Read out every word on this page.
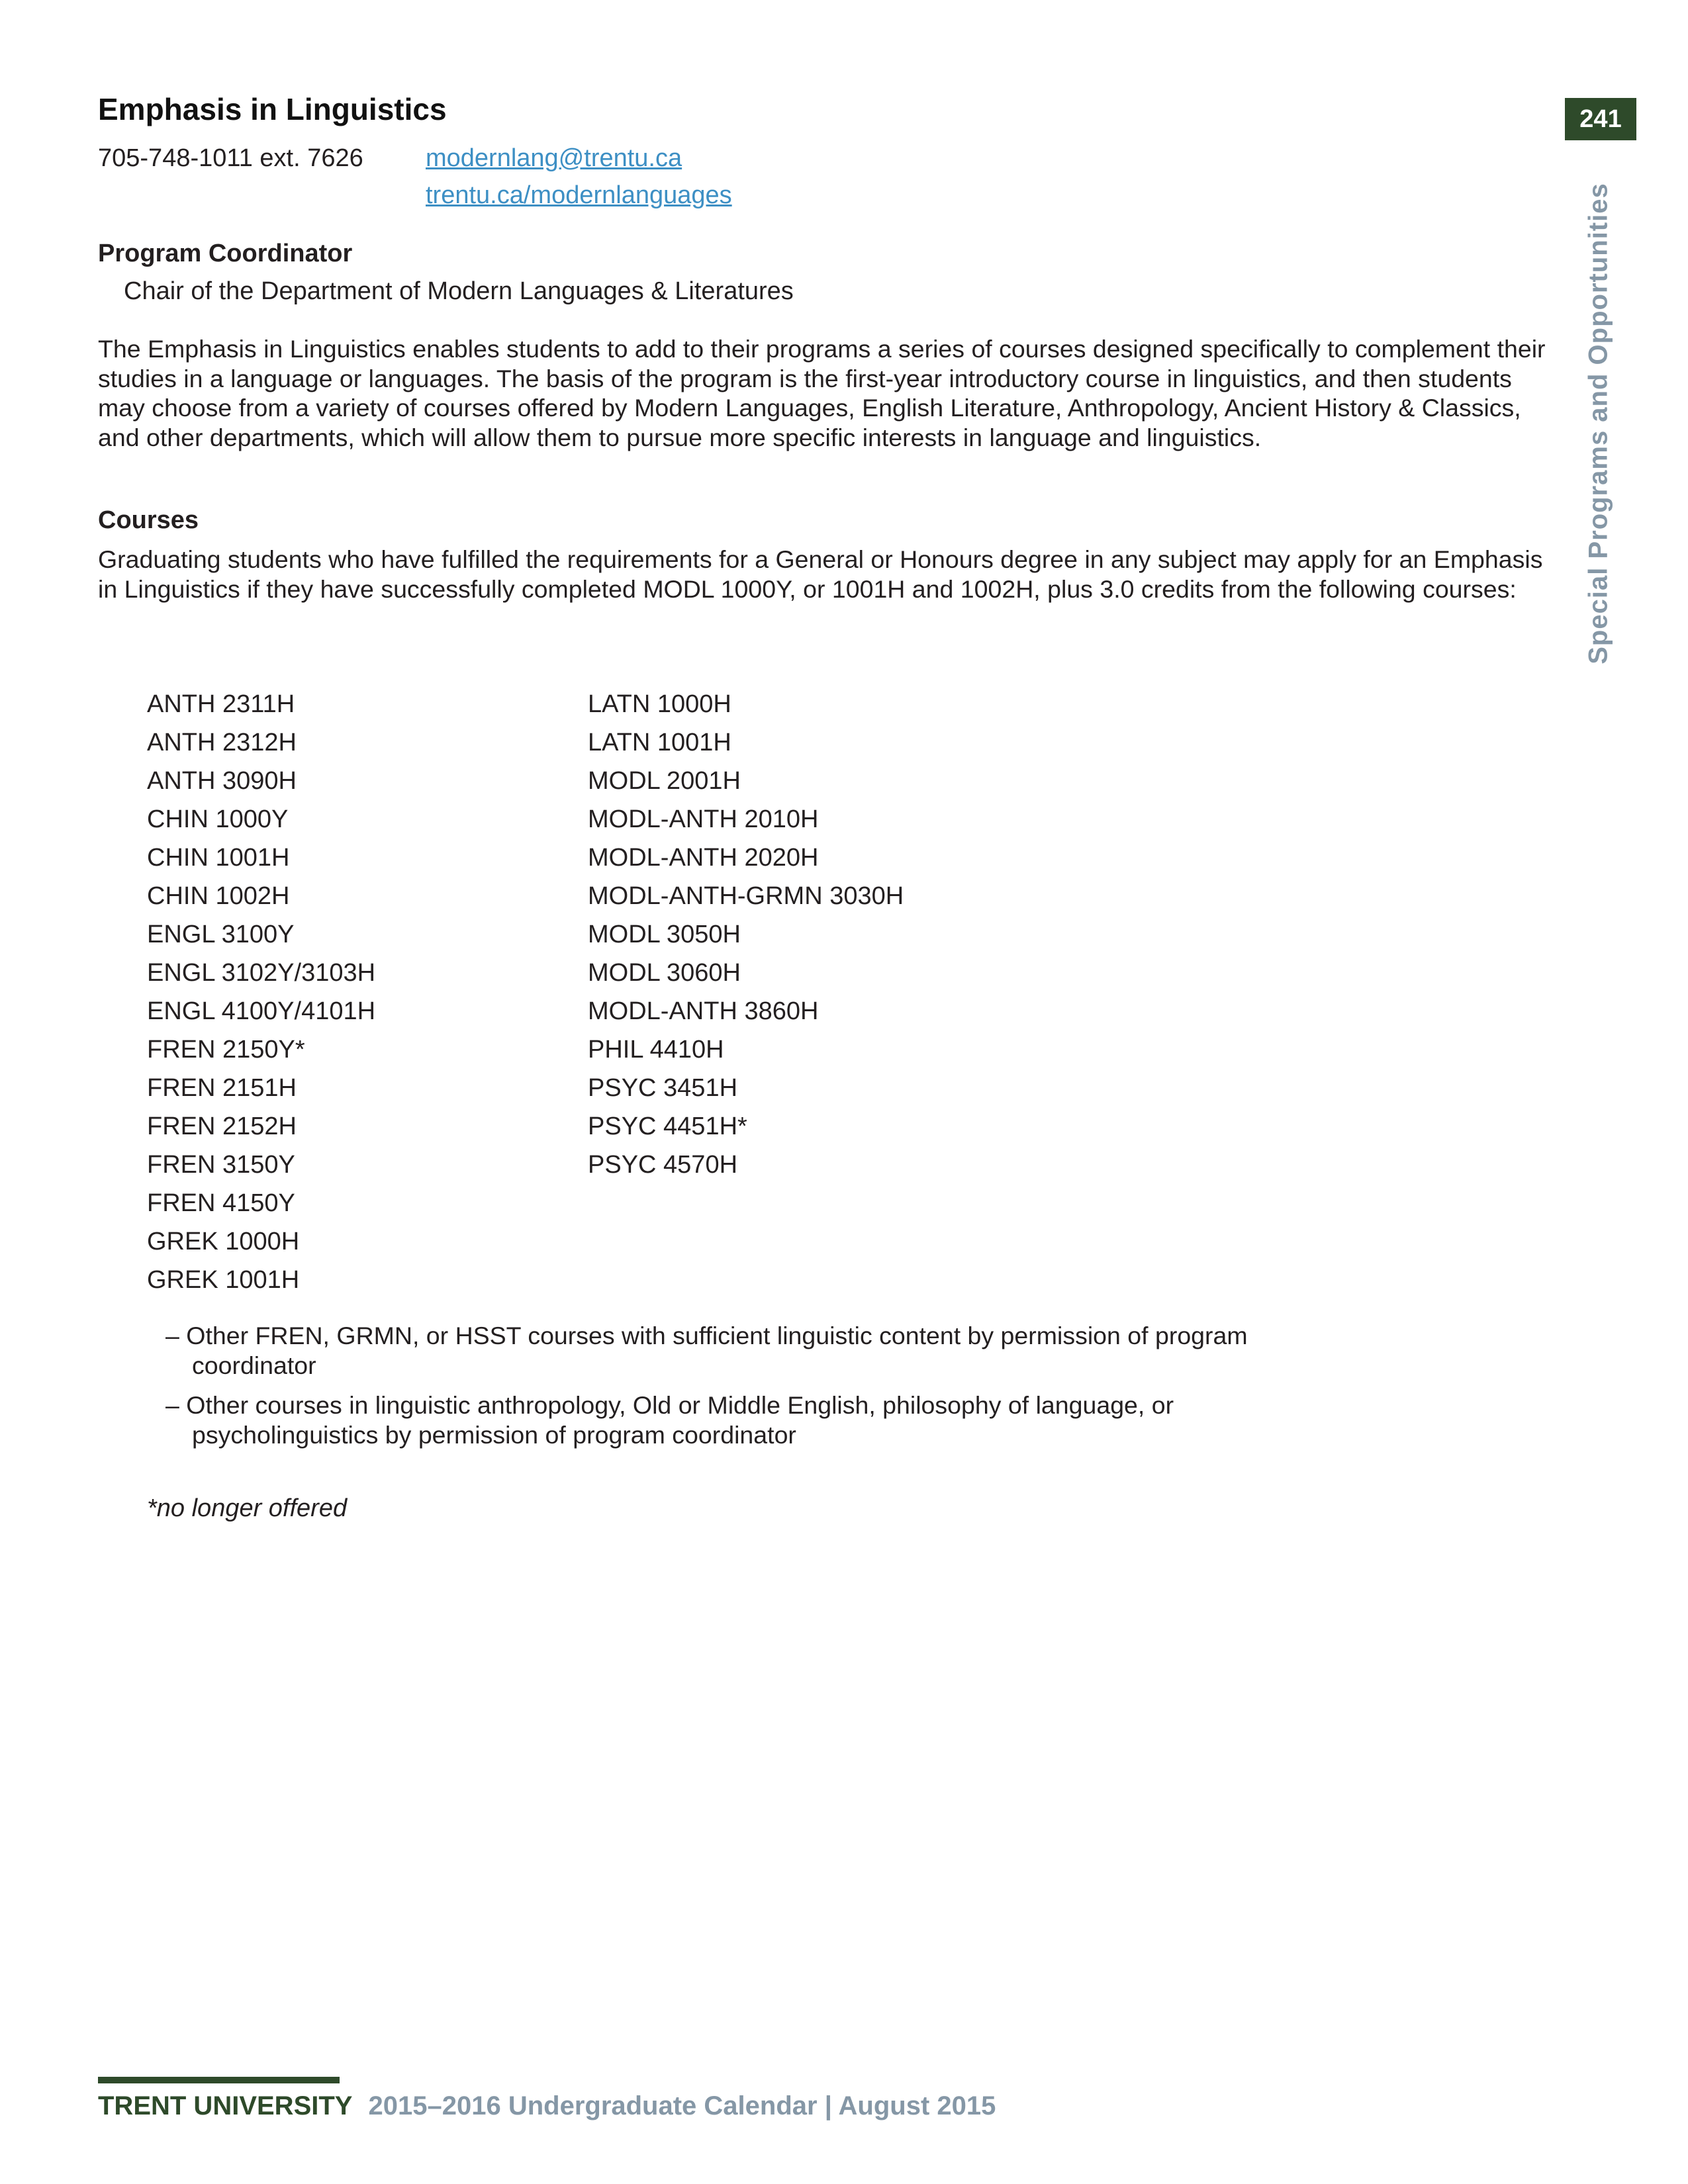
Emphasis in Linguistics
705-748-1011 ext. 7626 modernlang@trentu.ca
trentu.ca/modernlanguages
Program Coordinator
Chair of the Department of Modern Languages & Literatures

The Emphasis in Linguistics enables students to add to their programs a series of courses designed specifically to complement their studies in a language or languages. The basis of the program is the first-year introductory course in linguistics, and then students may choose from a variety of courses offered by Modern Languages, English Literature, Anthropology, Ancient History & Classics, and other departments, which will allow them to pursue more specific interests in language and linguistics.

Courses

Graduating students who have fulfilled the requirements for a General or Honours degree in any subject may apply for an Emphasis in Linguistics if they have successfully completed MODL 1000Y, or 1001H and 1002H, plus 3.0 credits from the following courses:

ANTH 2311H
ANTH 2312H
ANTH 3090H
CHIN 1000Y
CHIN 1001H
CHIN 1002H
ENGL 3100Y
ENGL 3102Y/3103H
ENGL 4100Y/4101H
FREN 2150Y*
FREN 2151H
FREN 2152H
FREN 3150Y
FREN 4150Y
GREK 1000H
GREK 1001H
LATN 1000H
LATN 1001H
MODL 2001H
MODL-ANTH 2010H
MODL-ANTH 2020H
MODL-ANTH-GRMN 3030H
MODL 3050H
MODL 3060H
MODL-ANTH 3860H
PHIL 4410H
PSYC 3451H
PSYC 4451H*
PSYC 4570H
– Other FREN, GRMN, or HSST courses with sufficient linguistic content by permission of program coordinator
– Other courses in linguistic anthropology, Old or Middle English, philosophy of language, or psycholinguistics by permission of program coordinator
*no longer offered
241
Special Programs and Opportunities
TRENT UNIVERSITY 2015–2016 Undergraduate Calendar | August 2015
